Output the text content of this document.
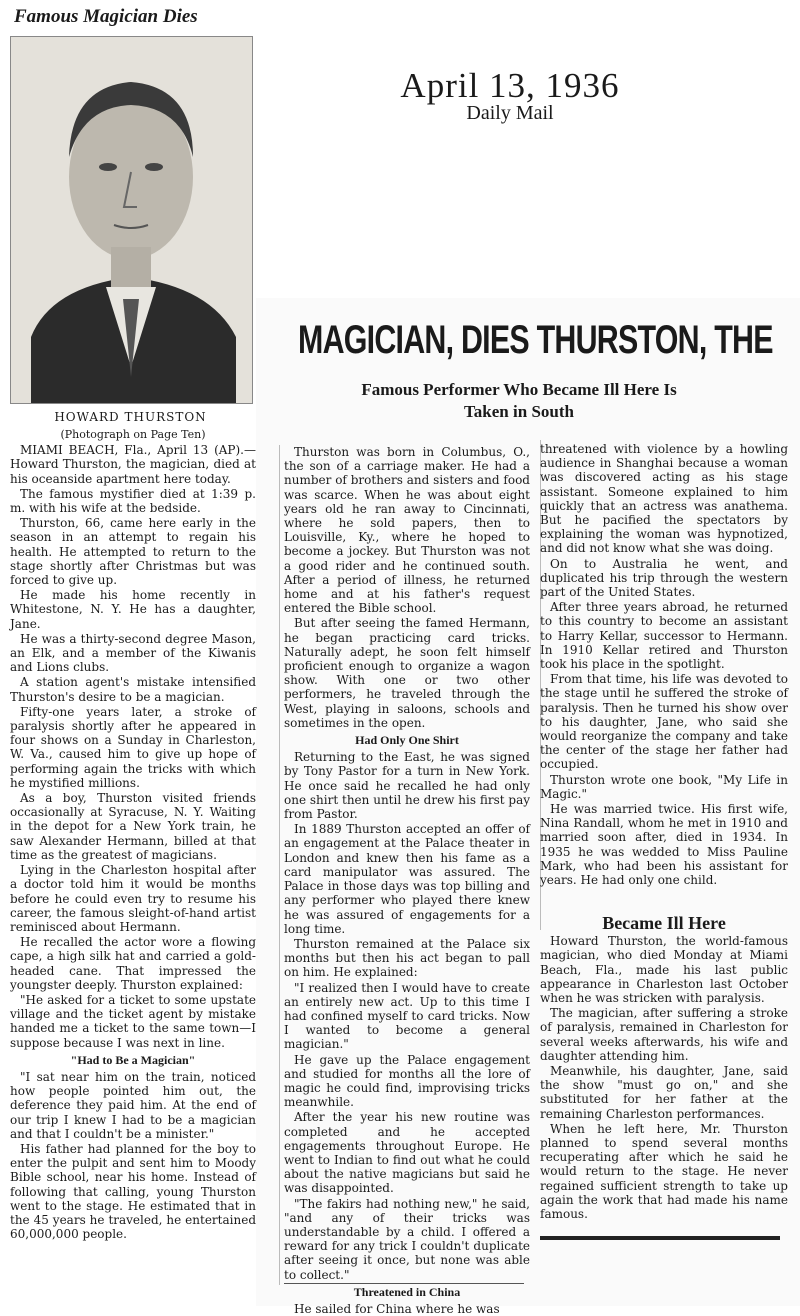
Famous Magician Dies
HOWARD THURSTON
April 13, 1936
Daily Mail
MAGICIAN, DIES THURSTON, THE
Famous Performer Who Became Ill Here Is
Taken in South

(Photograph on Page Ten)

MIAMI BEACH, Fla., April 13 (AP).—Howard Thurston, the magician, died at his oceanside apartment here today.

The famous mystifier died at 1:39 p. m. with his wife at the bedside.

Thurston, 66, came here early in the season in an attempt to regain his health. He attempted to return to the stage shortly after Christmas but was forced to give up.

He made his home recently in Whitestone, N. Y. He has a daughter, Jane.

He was a thirty-second degree Mason, an Elk, and a member of the Kiwanis and Lions clubs.

A station agent's mistake intensified Thurston's desire to be a magician.

Fifty-one years later, a stroke of paralysis shortly after he appeared in four shows on a Sunday in Charleston, W. Va., caused him to give up hope of performing again the tricks with which he mystified millions.

As a boy, Thurston visited friends occasionally at Syracuse, N. Y. Waiting in the depot for a New York train, he saw Alexander Hermann, billed at that time as the greatest of magicians.

Lying in the Charleston hospital after a doctor told him it would be months before he could even try to resume his career, the famous sleight-of-hand artist reminisced about Hermann.

He recalled the actor wore a flowing cape, a high silk hat and carried a gold-headed cane. That impressed the youngster deeply. Thurston explained:

"He asked for a ticket to some upstate village and the ticket agent by mistake handed me a ticket to the same town—I suppose because I was next in line.

"Had to Be a Magician"

"I sat near him on the train, noticed how people pointed him out, the deference they paid him. At the end of our trip I knew I had to be a magician and that I couldn't be a minister."

His father had planned for the boy to enter the pulpit and sent him to Moody Bible school, near his home. Instead of following that calling, young Thurston went to the stage. He estimated that in the 45 years he traveled, he entertained 60,000,000 people.

Thurston was born in Columbus, O., the son of a carriage maker. He had a number of brothers and sisters and food was scarce. When he was about eight years old he ran away to Cincinnati, where he sold papers, then to Louisville, Ky., where he hoped to become a jockey. But Thurston was not a good rider and he continued south. After a period of illness, he returned home and at his father's request entered the Bible school.

But after seeing the famed Hermann, he began practicing card tricks. Naturally adept, he soon felt himself proficient enough to organize a wagon show. With one or two other performers, he traveled through the West, playing in saloons, schools and sometimes in the open.

Had Only One Shirt

Returning to the East, he was signed by Tony Pastor for a turn in New York. He once said he recalled he had only one shirt then until he drew his first pay from Pastor.

In 1889 Thurston accepted an offer of an engagement at the Palace theater in London and knew then his fame as a card manipulator was assured. The Palace in those days was top billing and any performer who played there knew he was assured of engagements for a long time.

Thurston remained at the Palace six months but then his act began to pall on him. He explained:

"I realized then I would have to create an entirely new act. Up to this time I had confined myself to card tricks. Now I wanted to become a general magician."

He gave up the Palace engagement and studied for months all the lore of magic he could find, improvising tricks meanwhile.

After the year his new routine was completed and he accepted engagements throughout Europe. He went to Indian to find out what he could about the native magicians but said he was disappointed.

"The fakirs had nothing new," he said, "and any of their tricks was understandable by a child. I offered a reward for any trick I couldn't duplicate after seeing it once, but none was able to collect."

Threatened in China

He sailed for China where he was

threatened with violence by a howling audience in Shanghai because a woman was discovered acting as his stage assistant. Someone explained to him quickly that an actress was anathema. But he pacified the spectators by explaining the woman was hypnotized, and did not know what she was doing.

On to Australia he went, and duplicated his trip through the western part of the United States.

After three years abroad, he returned to this country to become an assistant to Harry Kellar, successor to Hermann. In 1910 Kellar retired and Thurston took his place in the spotlight.

From that time, his life was devoted to the stage until he suffered the stroke of paralysis. Then he turned his show over to his daughter, Jane, who said she would reorganize the company and take the center of the stage her father had occupied.

Thurston wrote one book, "My Life in Magic."

He was married twice. His first wife, Nina Randall, whom he met in 1910 and married soon after, died in 1934. In 1935 he was wedded to Miss Pauline Mark, who had been his assistant for years. He had only one child.

Became Ill Here

Howard Thurston, the world-famous magician, who died Monday at Miami Beach, Fla., made his last public appearance in Charleston last October when he was stricken with paralysis.

The magician, after suffering a stroke of paralysis, remained in Charleston for several weeks afterwards, his wife and daughter attending him.

Meanwhile, his daughter, Jane, said the show "must go on," and she substituted for her father at the remaining Charleston performances.

When he left here, Mr. Thurston planned to spend several months recuperating after which he said he would return to the stage. He never regained sufficient strength to take up again the work that had made his name famous.
